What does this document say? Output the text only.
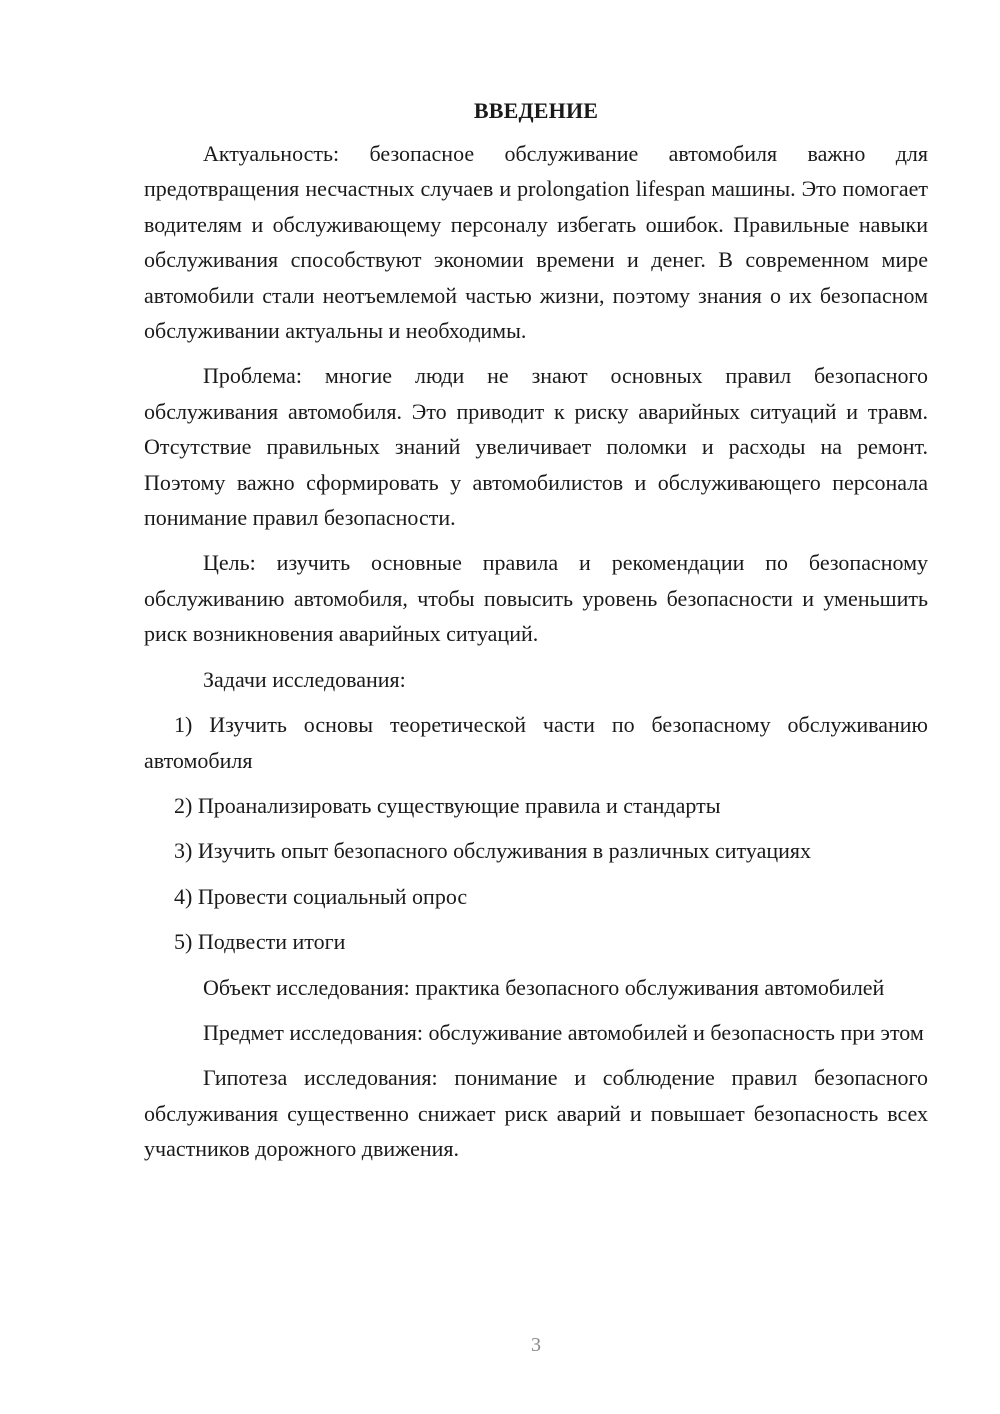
ВВЕДЕНИЕ

Актуальность: безопасное обслуживание автомобиля важно для предотвращения несчастных случаев и prolongation lifespan машины. Это помогает водителям и обслуживающему персоналу избегать ошибок. Правильные навыки обслуживания способствуют экономии времени и денег. В современном мире автомобили стали неотъемлемой частью жизни, поэтому знания о их безопасном обслуживании актуальны и необходимы.

Проблема: многие люди не знают основных правил безопасного обслуживания автомобиля. Это приводит к риску аварийных ситуаций и травм. Отсутствие правильных знаний увеличивает поломки и расходы на ремонт. Поэтому важно сформировать у автомобилистов и обслуживающего персонала понимание правил безопасности.

Цель: изучить основные правила и рекомендации по безопасному обслуживанию автомобиля, чтобы повысить уровень безопасности и уменьшить риск возникновения аварийных ситуаций.

Задачи исследования:

1) Изучить основы теоретической части по безопасному обслуживанию автомобиля
2) Проанализировать существующие правила и стандарты
3) Изучить опыт безопасного обслуживания в различных ситуациях
4) Провести социальный опрос
5) Подвести итоги

Объект исследования: практика безопасного обслуживания автомобилей

Предмет исследования: обслуживание автомобилей и безопасность при этом

Гипотеза исследования: понимание и соблюдение правил безопасного обслуживания существенно снижает риск аварий и повышает безопасность всех участников дорожного движения.

3
